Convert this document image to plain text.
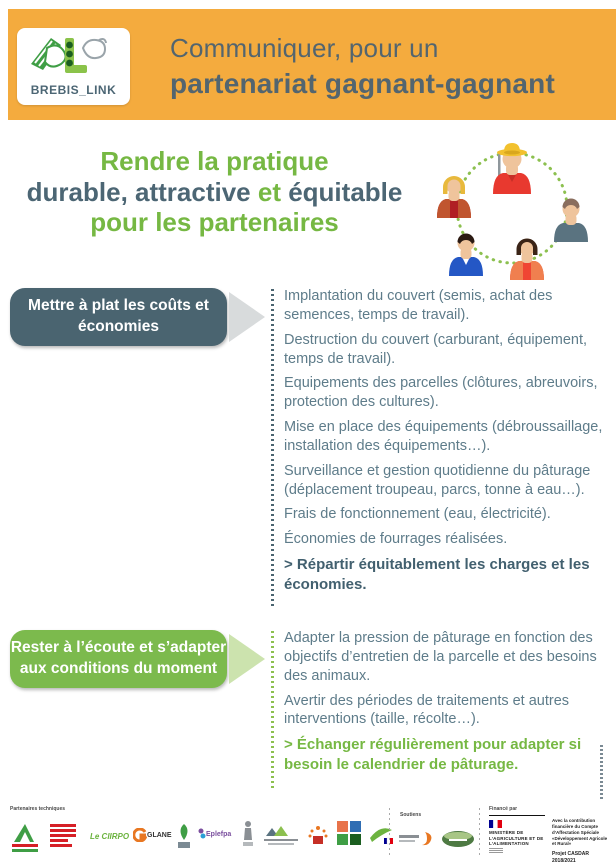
BREBIS_LINK
Communiquer, pour un
partenariat gagnant-gagnant
Rendre la pratique
durable, attractive et équitable
pour les partenaires
Mettre à plat les coûts et
économies
Implantation du couvert (semis, achat des semences, temps de travail).
Destruction du couvert (carburant, équipement, temps de travail).
Equipements des parcelles (clôtures, abreuvoirs, protection des cultures).
Mise en place des équipements (débroussaillage, installation des équipements…).
Surveillance et gestion quotidienne du pâturage (déplacement troupeau, parcs, tonne à eau…).
Frais de fonctionnement (eau, électricité).
Économies de fourrages réalisées.
> Répartir équitablement les charges et les économies.
Rester à l’écoute et s’adapter
aux conditions du moment
Adapter la pression de pâturage en fonction des objectifs d’entretien de la parcelle et des besoins des animaux.
Avertir des périodes de traitements et autres interventions (taille, récolte…).
> Échanger régulièrement pour adapter si besoin le calendrier de pâturage.
Partenaires techniques
Le CIIRPO	GLANE	Eplefpa
Soutiens
Financé par
MINISTÈRE DE L’AGRICULTURE ET DE L’ALIMENTATION
Avec la contribution financière du Compte d’Affectation Spéciale «Développement Agricole et Rural»
Projet CASDAR 2018/2021
